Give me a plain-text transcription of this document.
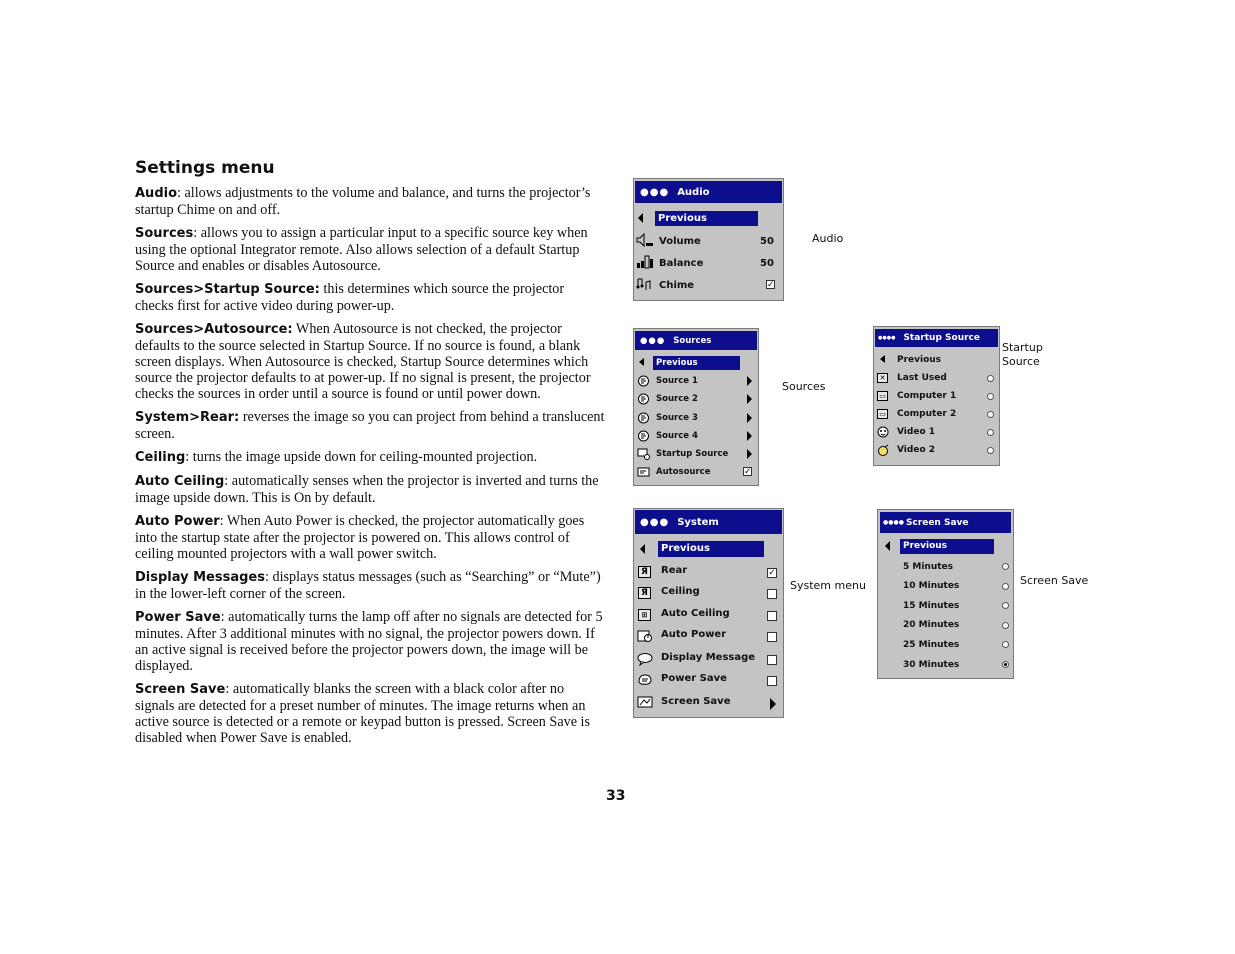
Settings menu

Audio: allows adjustments to the volume and balance, and turns the projector’s startup Chime on and off.

Sources: allows you to assign a particular input to a specific source key when using the optional Integrator remote. Also allows selection of a default Startup Source and enables or disables Autosource.

Sources>Startup Source: this determines which source the projector checks first for active video during power-up.

Sources>Autosource: When Autosource is not checked, the projector defaults to the source selected in Startup Source. If no source is found, a blank screen displays. When Autosource is checked, Startup Source determines which source the projector defaults to at power-up. If no signal is present, the projector checks the sources in order until a source is found or until power down.

System>Rear: reverses the image so you can project from behind a translucent screen.

Ceiling: turns the image upside down for ceiling-mounted projection.

Auto Ceiling: automatically senses when the projector is inverted and turns the image upside down. This is On by default.

Auto Power: When Auto Power is checked, the projector automatically goes into the startup state after the projector is powered on. This allows control of ceiling mounted projectors with a wall power switch.

Display Messages: displays status messages (such as “Searching” or “Mute”) in the lower-left corner of the screen.

Power Save: automatically turns the lamp off after no signals are detected for 5 minutes. After 3 additional minutes with no signal, the projector powers down. If an active signal is received before the projector powers down, the image will be displayed.

Screen Save: automatically blanks the screen with a black color after no signals are detected for a preset number of minutes. The image returns when an active source is detected or a remote or keypad button is pressed. Screen Save is disabled when Power Save is enabled.

33
●●● Audio
Previous
Volume	50
Balance	50
Chime	✓
Audio
●●● Sources
Previous
Source 1
Source 2
Source 3
Source 4
Startup Source
Autosource	✓
Sources
●●●● Startup Source
Previous
✕ Last Used
▭ Computer 1
▭ Computer 2
Video 1
Video 2
Startup
Source
●●● System
Previous
Я	Rear	✓
Я	Ceiling
⊞	Auto Ceiling
Auto Power
Display Message
Power Save
Screen Save
System menu
●●●● Screen Save
Previous
5 Minutes
10 Minutes
15 Minutes
20 Minutes
25 Minutes
30 Minutes
Screen Save
